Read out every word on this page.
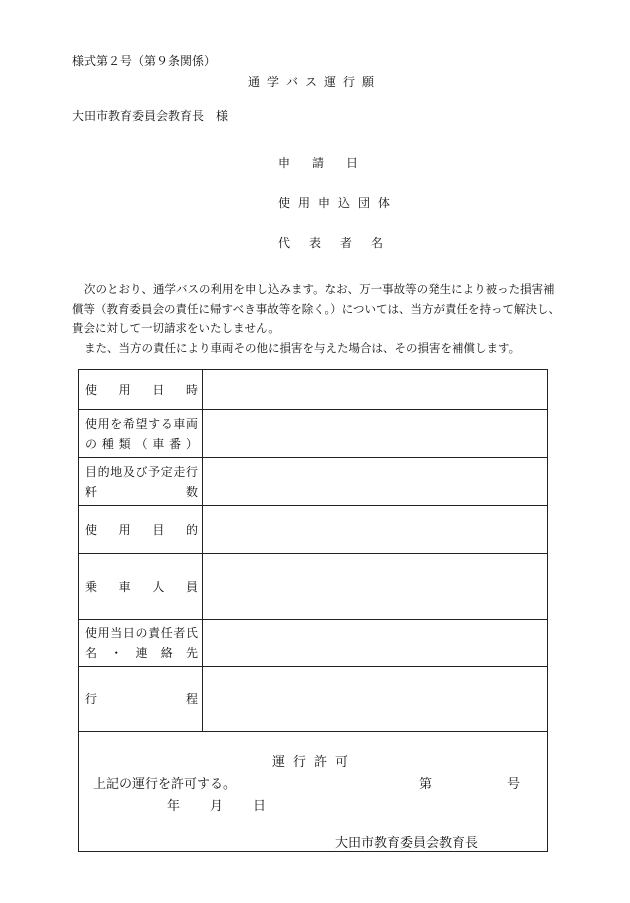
様式第２号（第９条関係）
通学バス運行願
大田市教育委員会教育長　様
申請日
使用申込団体
代表者名

次のとおり、通学バスの利用を申し込みます。なお、万一事故等の発生により被った損害補償等（教育委員会の責任に帰すべき事故等を除く。）については、当方が責任を持って解決し、貴会に対して一切請求をいたしません。

また、当方の責任により車両その他に損害を与えた場合は、その損害を補償します。

使用日時	
使用を希望する車両の種類（車番）	
目的地及び予定走行粁数	
使用目的	
乗車人員	
使用当日の責任者氏名・連絡先	
行程	
運行許可
上記の運行を許可する。	第	号
年 月 日
大田市教育委員会教育長
